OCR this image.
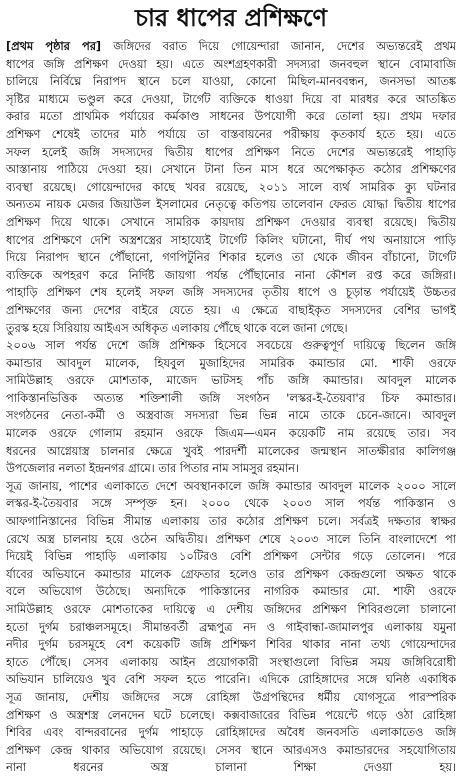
চার ধাপের প্রশিক্ষণে
[প্রথম পৃষ্ঠার পর] জঙ্গিদের বরাত দিয়ে গোয়েন্দারা জানান, দেশের অভ্যন্তরেই প্রথম
ধাপের জঙ্গি প্রশিক্ষণ দেওয়া হয়। এতে অংশগ্রহণকারী সদস্যরা জনবহুল স্থানে বোমাবাজি
চালিয়ে নির্বিঘ্নে নিরাপদ স্থানে চলে যাওয়া, কোনো মিছিল-মানববন্ধন, জনসভা আতঙ্ক
সৃষ্টির মাধ্যমে ভণ্ডুল করে দেওয়া, টার্গেট ব্যক্তিকে ধাওয়া দিয়ে বা মারধর করে আতঙ্কিত
করার মতো প্রাথমিক পর্যায়ের কর্মকাণ্ড সাধনের উপযোগী করে তোলা হয়। প্রথম দফার
প্রশিক্ষণ শেষেই তাদের মাঠ পর্যায়ে তা বাস্তবায়নের পরীক্ষায় কৃতকার্য হতে হয়। এতে
সফল হলেই জঙ্গি সদস্যদের দ্বিতীয় ধাপের প্রশিক্ষণ নিতে দেশের অভ্যন্তরেই পাহাড়ি
আস্তানায় পাঠিয়ে দেওয়া হয়। সেখানে টানা তিন মাস ধরে অপেক্ষাকৃত কঠোর প্রশিক্ষণের
ব্যবস্থা রয়েছে। গোয়েন্দাদের কাছে খবর রয়েছে, ২০১১ সালে ব্যর্থ সামরিক ক্যু ঘটনার
অন্যতম নায়ক মেজর জিয়াউল ইসলামের নেতৃত্বে কতিপয় তালেবান ফেরত যোদ্ধা দ্বিতীয় ধাপের
প্রশিক্ষণ দিয়ে থাকে। সেখানে সামরিক কায়দায় প্রশিক্ষণ দেওয়ার ব্যবস্থা রয়েছে। দ্বিতীয়
ধাপের প্রশিক্ষণে দেশি অস্ত্রশস্ত্রের সাহায্যেই টার্গেট কিলিং ঘটানো, দীর্ঘ পথ অনায়াসে পাড়ি
দিয়ে নিরাপদ স্থানে পৌঁছানো, গণপিটুনির শিকার হলেও তা থেকে জীবন বাঁচানো, টার্গেট
ব্যক্তিকে অপহরণ করে নির্দিষ্ট জায়গা পর্যন্ত পৌঁছানোর নানা কৌশল রপ্ত করে জঙ্গিরা।
পাহাড়ি প্রশিক্ষণ শেষ হলেই সফল জঙ্গি সদস্যদের তৃতীয় ধাপে ও চূড়ান্ত পর্যায়েই উচ্চতর
প্রশিক্ষণের জন্য দেশের বাইরে যেতে হয়। এ ক্ষেত্রে বাছাইকৃত সদস্যদের বেশির ভাগই
তুরস্ক হয়ে সিরিয়ায় আইএস অধিকৃত এলাকায় পৌঁছে থাকে বলে জানা গেছে।
২০০৬ সাল পর্যন্ত দেশে জঙ্গি প্রশিক্ষক হিসেবে সবচেয়ে গুরুত্বপূর্ণ দায়িত্বে ছিলেন জঙ্গি
কমান্ডার আবদুল মালেক, হিযবুল মুজাহিদের সামরিক কমান্ডার মো. শাফী ওরফে
সামিউল্লাহ ওরফে মোশতাক, মাজেদ ভাটসহ পাঁচ জঙ্গি কমান্ডার। আবদুল মালেক
পাকিস্তানভিত্তিক অত্যন্ত শক্তিশালী জঙ্গি সংগঠন 'লস্কর-ই-তৈয়বা'র চিফ কমান্ডার।
সংগঠনের নেতা-কর্মী ও অস্ত্রবাজ সদস্যরা ভিন্ন ভিন্ন নামে তাকে চেনে-জানে। আবদুল
মালেক ওরফে গোলাম রহমান ওরফে জিএম—এমন কয়েকটি নাম রয়েছে তার। সব
ধরনের আগ্নেয়াস্ত্র চালনার ক্ষেত্রে খুবই পারদর্শী মালেকের জন্মস্থান সাতক্ষীরার কালিগঞ্জ
উপজেলার নলতা ইন্দ্রনগর গ্রামে। তার পিতার নাম সামসুর রহমান।
সূত্র জানায়, পাশের এলাকাতে দেশে অবস্থানকালে জঙ্গি কমান্ডার আবদুল মালেক ২০০০ সালে
লস্কর-ই-তৈয়বার সঙ্গে সম্পৃক্ত হন। ২০০০ থেকে ২০০৩ সাল পর্যন্ত পাকিস্তান ও
আফগানিস্তানের বিভিন্ন সীমান্ত এলাকায় তার কঠোর প্রশিক্ষণ চলে। সর্বত্রই দক্ষতার স্বাক্ষর
রেখে অস্ত্র চালনায় হয়ে ওঠেন অদ্বিতীয়। প্রশিক্ষণ শেষে ২০০৩ সালে তিনি বাংলাদেশে পা
দিয়েই বিভিন্ন পাহাড়ি এলাকায় ১০টিরও বেশি প্রশিক্ষণ সেন্টার গড়ে তোলেন। পরে
র্যাবের অভিযানে কমান্ডার মালেক গ্রেফতার হলেও তার প্রশিক্ষণ কেন্দ্রগুলো অক্ষত থাকে
বলে অভিযোগ উঠেছে। অন্যদিকে পাকিস্তানের নাগরিক কমান্ডার মো. শাফী ওরফে
সামিউল্লাহ ওরফে মোশতাকের দায়িত্বে এ দেশীয় জঙ্গিদের প্রশিক্ষণ শিবিরগুলো চালানো
হতো দুর্গম চরাঞ্চলসমূহে। সীমান্তবর্তী ব্রহ্মপুত্র নদ ও গাইবান্ধা-জামালপুর এলাকায় যমুনা
নদীর দুর্গম চরসমূহে বেশ কয়েকটি জঙ্গি প্রশিক্ষণ শিবির থাকার নানা তথ্য গোয়েন্দাদের
হাতে পৌঁছে। সেসব এলাকায় আইন প্রয়োগকারী সংস্থাগুলো বিভিন্ন সময় জঙ্গিবিরোধী
অভিযান চালিয়েও খুব বেশি সফল হতে পারেনি। এদিকে রোহিঙ্গাদের সঙ্গে ঘনিষ্ঠ একাধিক
সূত্র জানায়, দেশীয় জঙ্গিদের সঙ্গে রোহিঙ্গা উগ্রপন্থিদের ধর্মীয় যোগসূত্রে পারস্পরিক
প্রশিক্ষণ ও অস্ত্রশস্ত্র লেনদেন ঘটে চলেছে। কক্সবাজারের বিভিন্ন পয়েন্টে গড়ে ওঠা রোহিঙ্গা
শিবির এবং বান্দরবানের দুর্গম পাহাড়ে রোহিঙ্গাদের অবৈধ জনবসতি এলাকাতেও জঙ্গি
প্রশিক্ষণ কেন্দ্র থাকার অভিযোগ রয়েছে। সেসব স্থানে আরএসও কমান্ডারদের সহযোগিতায়
নানা ধরনের অস্ত্র চালানা শিক্ষা দেওয়া হয়।
